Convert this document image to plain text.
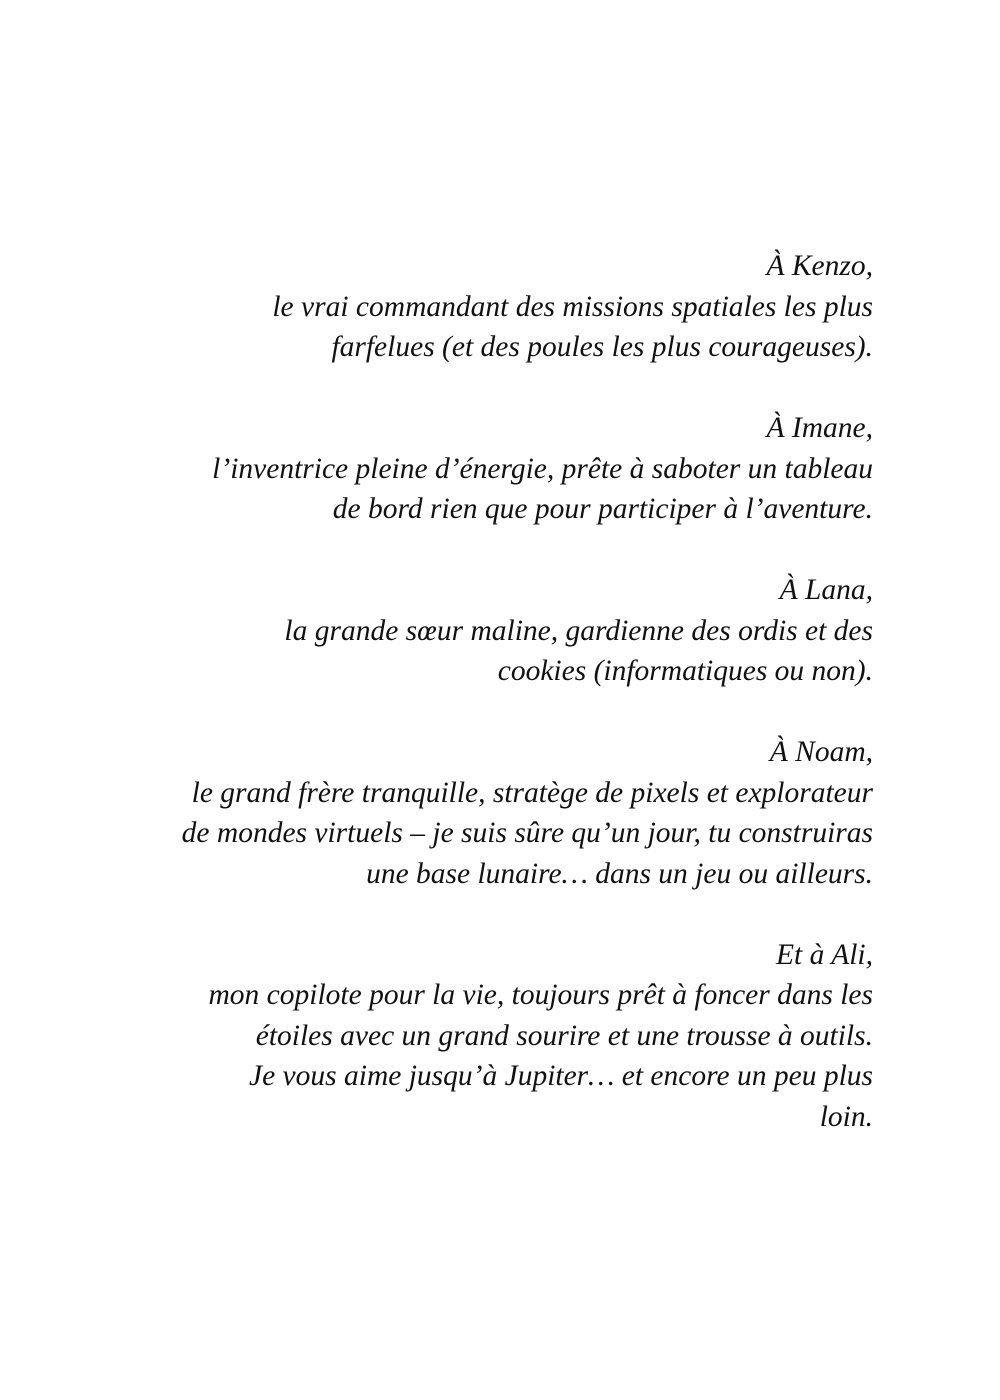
À Kenzo,
le vrai commandant des missions spatiales les plus
farfelues (et des poules les plus courageuses).

À Imane,
l’inventrice pleine d’énergie, prête à saboter un tableau
de bord rien que pour participer à l’aventure.

À Lana,
la grande sœur maline, gardienne des ordis et des
cookies (informatiques ou non).

À Noam,
le grand frère tranquille, stratège de pixels et explorateur
de mondes virtuels – je suis sûre qu’un jour, tu construiras
une base lunaire… dans un jeu ou ailleurs.

Et à Ali,
mon copilote pour la vie, toujours prêt à foncer dans les
étoiles avec un grand sourire et une trousse à outils.
Je vous aime jusqu’à Jupiter… et encore un peu plus
loin.
